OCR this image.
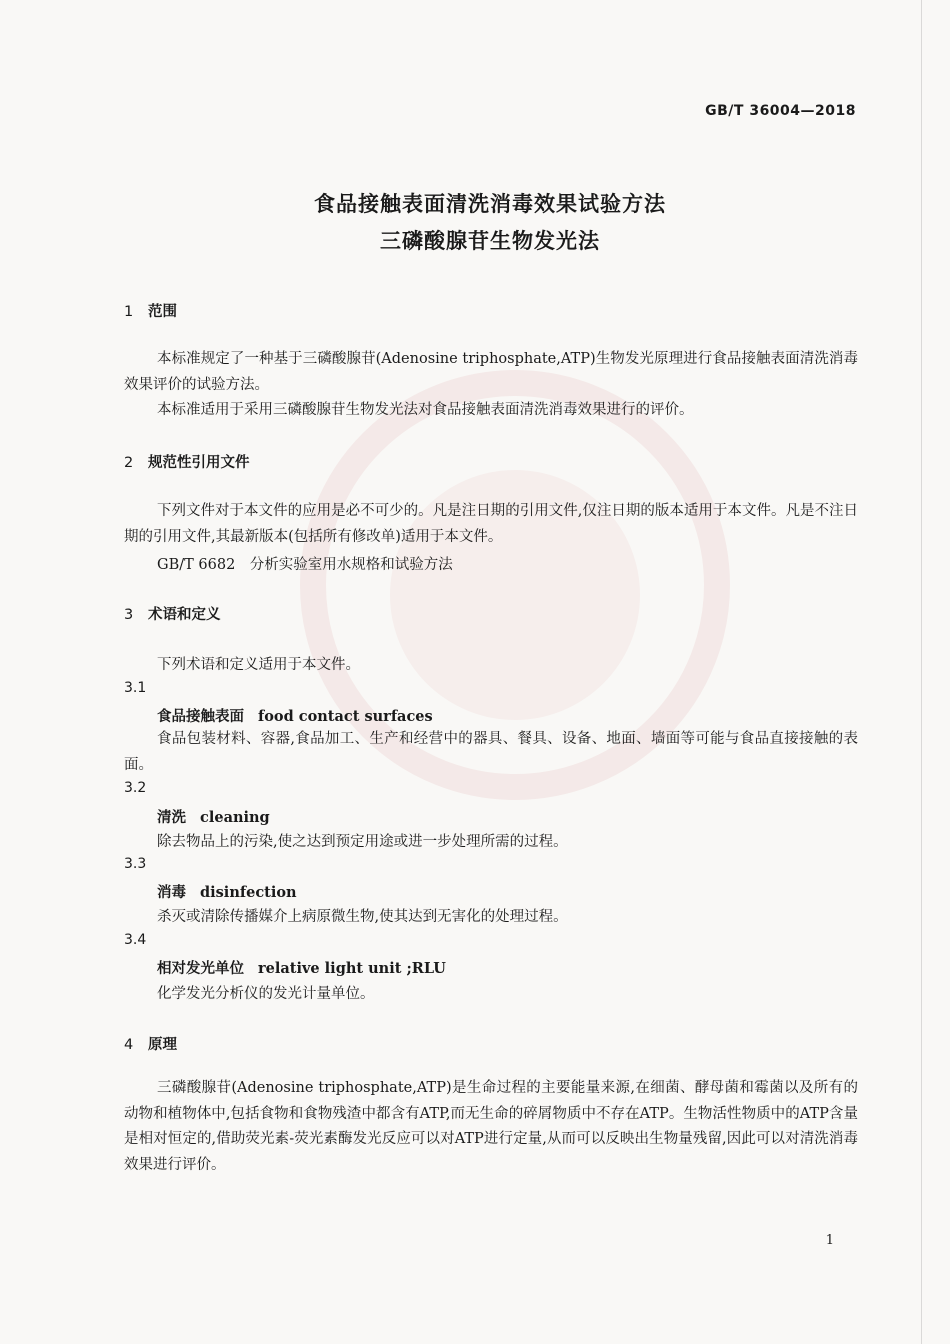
GB/T 36004—2018
食品接触表面清洗消毒效果试验方法
三磷酸腺苷生物发光法
1 范围
本标准规定了一种基于三磷酸腺苷(Adenosine triphosphate,ATP)生物发光原理进行食品接触表面清洗消毒效果评价的试验方法。
本标准适用于采用三磷酸腺苷生物发光法对食品接触表面清洗消毒效果进行的评价。
2 规范性引用文件
下列文件对于本文件的应用是必不可少的。凡是注日期的引用文件,仅注日期的版本适用于本文件。凡是不注日期的引用文件,其最新版本(包括所有修改单)适用于本文件。
GB/T 6682　分析实验室用水规格和试验方法
3 术语和定义
下列术语和定义适用于本文件。
3.1
食品接触表面 food contact surfaces
食品包装材料、容器,食品加工、生产和经营中的器具、餐具、设备、地面、墙面等可能与食品直接接触的表面。
3.2
清洗 cleaning
除去物品上的污染,使之达到预定用途或进一步处理所需的过程。
3.3
消毒 disinfection
杀灭或清除传播媒介上病原微生物,使其达到无害化的处理过程。
3.4
相对发光单位 relative light unit ;RLU
化学发光分析仪的发光计量单位。
4 原理
三磷酸腺苷(Adenosine triphosphate,ATP)是生命过程的主要能量来源,在细菌、酵母菌和霉菌以及所有的动物和植物体中,包括食物和食物残渣中都含有ATP,而无生命的碎屑物质中不存在ATP。生物活性物质中的ATP含量是相对恒定的,借助荧光素-荧光素酶发光反应可以对ATP进行定量,从而可以反映出生物量残留,因此可以对清洗消毒效果进行评价。
1
